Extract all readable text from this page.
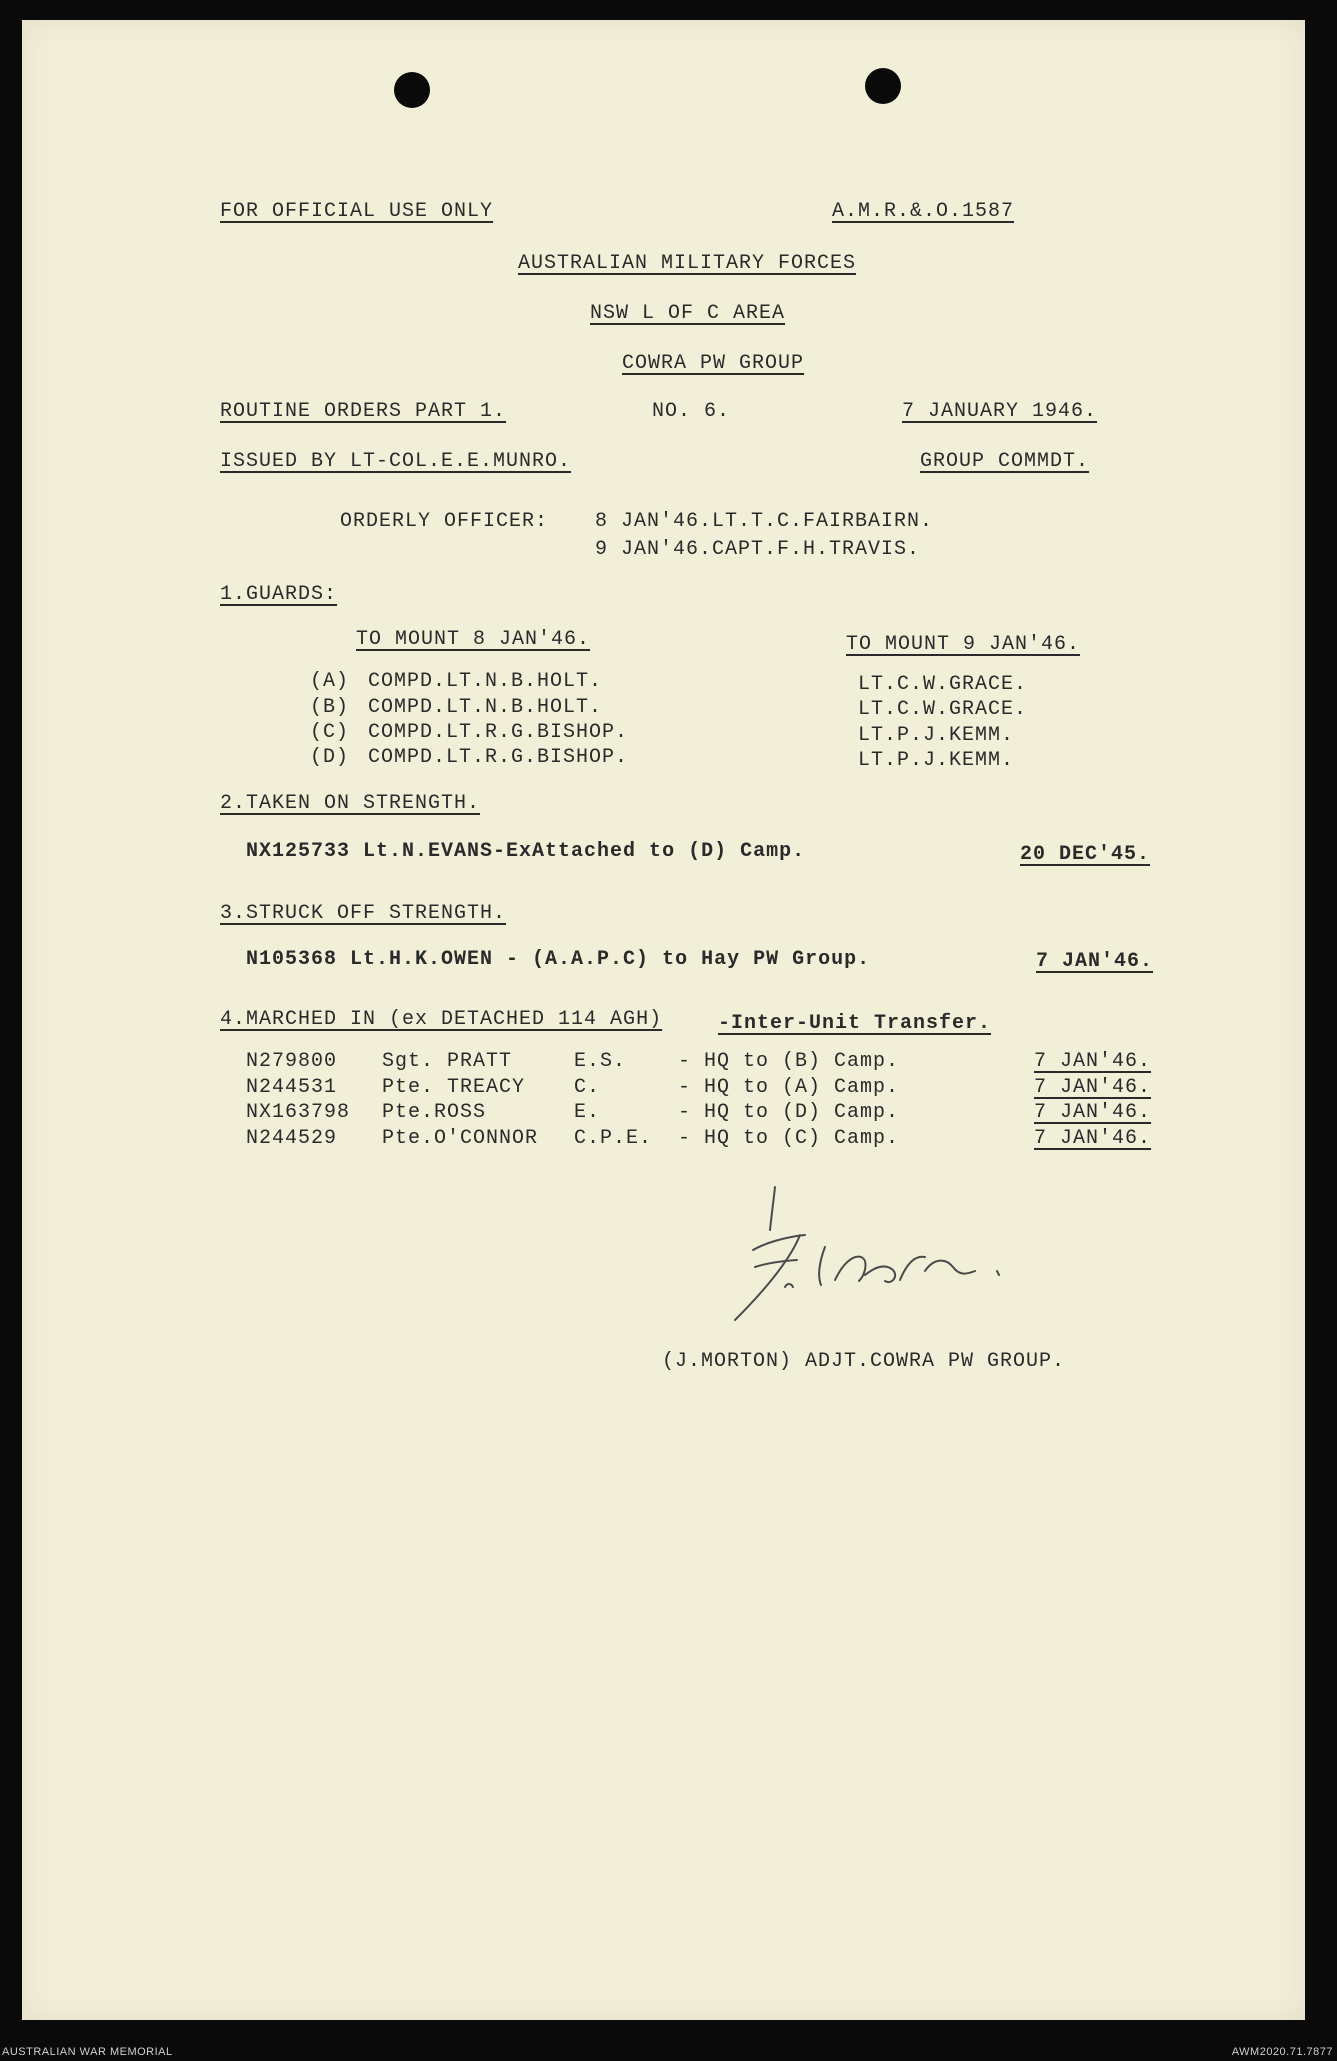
FOR OFFICIAL USE ONLY	A.M.R.&.O.1587
AUSTRALIAN MILITARY FORCES
NSW L OF C AREA
COWRA PW GROUP
ROUTINE ORDERS PART 1.	NO. 6.	7 JANUARY 1946.
ISSUED BY LT-COL.E.E.MUNRO.	GROUP COMMDT.
ORDERLY OFFICER: 8 JAN'46.LT.T.C.FAIRBAIRN.
9 JAN'46.CAPT.F.H.TRAVIS.
1.GUARDS:
TO MOUNT 8 JAN'46.	TO MOUNT 9 JAN'46.
(A) COMPD.LT.N.B.HOLT.	LT.C.W.GRACE.
(B) COMPD.LT.N.B.HOLT.	LT.C.W.GRACE.
(C) COMPD.LT.R.G.BISHOP.	LT.P.J.KEMM.
(D) COMPD.LT.R.G.BISHOP.	LT.P.J.KEMM.
2.TAKEN ON STRENGTH.
NX125733 Lt.N.EVANS-ExAttached to (D) Camp.	20 DEC'45.
3.STRUCK OFF STRENGTH.
N105368 Lt.H.K.OWEN - (A.A.P.C) to Hay PW Group.	7 JAN'46.
4.MARCHED IN (ex DETACHED 114 AGH)	-Inter-Unit Transfer.
N279800 Sgt. PRATT	E.S.	- HQ to (B) Camp.	7 JAN'46.
N244531 Pte. TREACY C.	- HQ to (A) Camp.	7 JAN'46.
NX163798 Pte.ROSS	E.	- HQ to (D) Camp.	7 JAN'46.
N244529 Pte.O'CONNOR C.P.E. - HQ to (C) Camp.	7 JAN'46.
(J.MORTON) ADJT.COWRA PW GROUP.
AUSTRALIAN WAR MEMORIAL	AWM2020.71.7877
